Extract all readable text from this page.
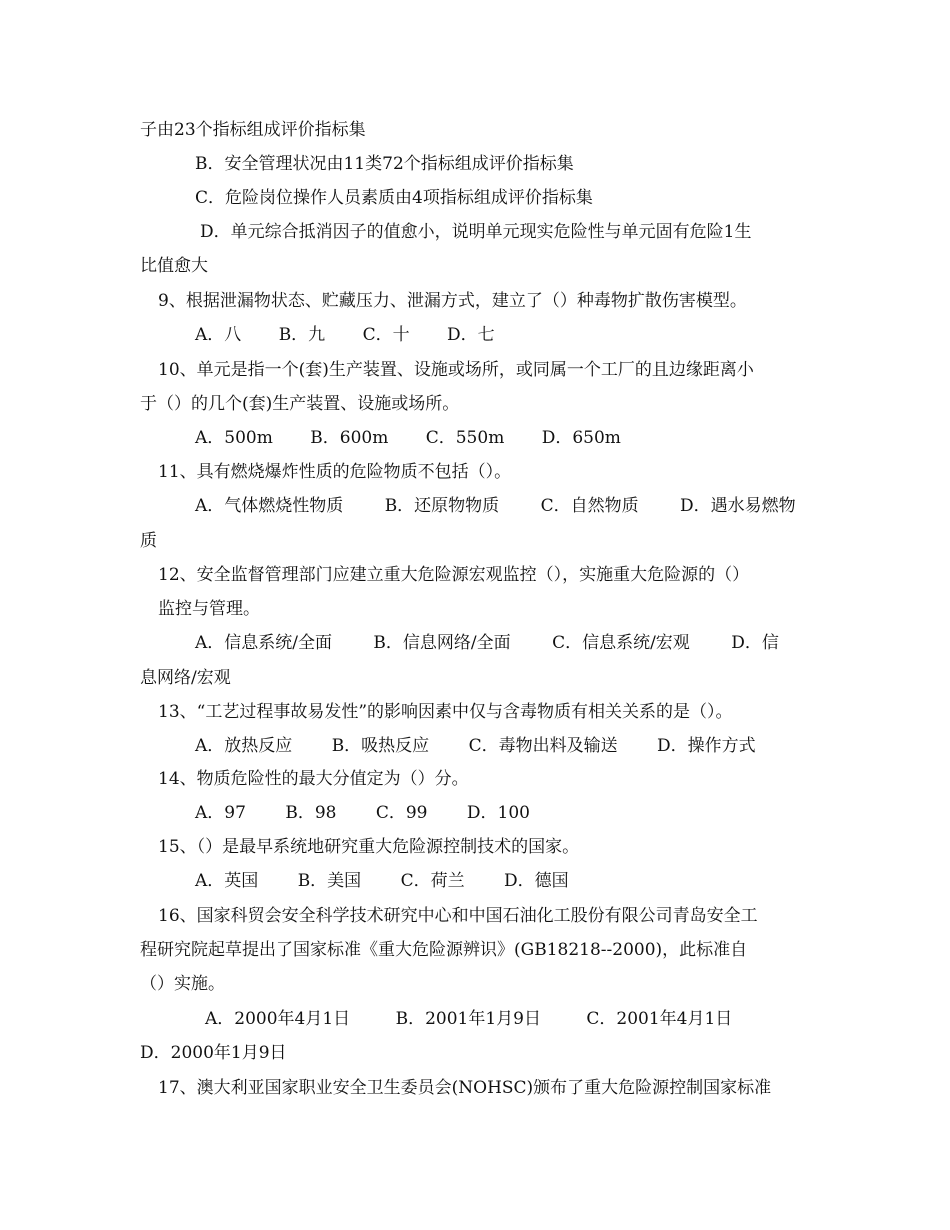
子由23个指标组成评价指标集
B．安全管理状况由11类72个指标组成评价指标集
C．危险岗位操作人员素质由4项指标组成评价指标集
D．单元综合抵消因子的值愈小，说明单元现实危险性与单元固有危险1生
比值愈大
9、根据泄漏物状态、贮藏压力、泄漏方式，建立了（）种毒物扩散伤害模型。
A．八 B．九 C．十 D．七
10、单元是指一个(套)生产装置、设施或场所，或同属一个工厂的且边缘距离小
于（）的几个(套)生产装置、设施或场所。
A．500m B．600m C．550m D．650m
11、具有燃烧爆炸性质的危险物质不包括（）。
A．气体燃烧性物质 B．还原物物质 C．自然物质 D．遇水易燃物
质
12、安全监督管理部门应建立重大危险源宏观监控（），实施重大危险源的（）
监控与管理。
A．信息系统/全面 B．信息网络/全面 C．信息系统/宏观 D．信
息网络/宏观
13、“工艺过程事故易发性”的影响因素中仅与含毒物质有相关关系的是（）。
A．放热反应 B．吸热反应 C．毒物出料及输送 D．操作方式
14、物质危险性的最大分值定为（）分。
A．97 B．98 C．99 D．100
15、（）是最早系统地研究重大危险源控制技术的国家。
A．英国 B．美国 C．荷兰 D．德国
16、国家科贸会安全科学技术研究中心和中国石油化工股份有限公司青岛安全工
程研究院起草提出了国家标准《重大危险源辨识》(GB18218--2000)，此标准自
（）实施。
A．2000年4月1日	B．2001年1月9日	C．2001年4月1日
D．2000年1月9日
17、澳大利亚国家职业安全卫生委员会(NOHSC)颁布了重大危险源控制国家标准
